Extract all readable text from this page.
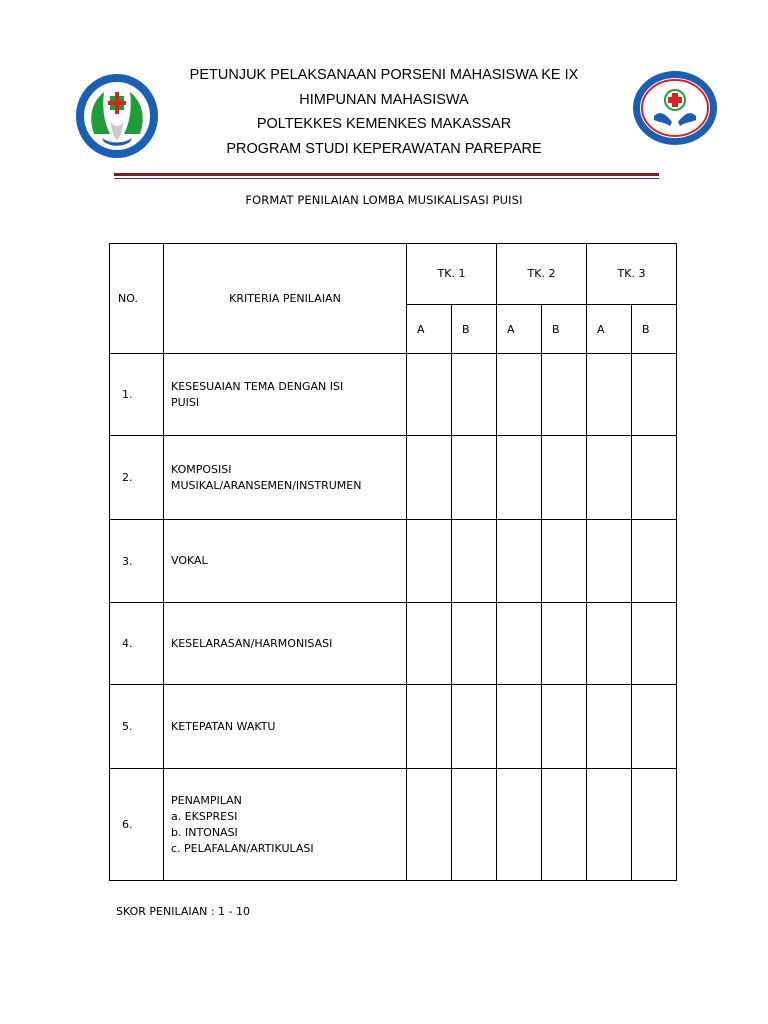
PETUNJUK PELAKSANAAN PORSENI MAHASISWA KE IX
HIMPUNAN MAHASISWA
POLTEKKES KEMENKES MAKASSAR
PROGRAM STUDI KEPERAWATAN PAREPARE
FORMAT PENILAIAN LOMBA MUSIKALISASI PUISI
NO.	KRITERIA PENILAIAN	TK. 1		TK. 2		TK. 3	
		A	B	A	B	A	B
1.	KESESUAIAN TEMA DENGAN ISI
PUISI						

2.	KOMPOSISI
MUSIKAL/ARANSEMEN/INSTRUMEN						

3.	VOKAL						

4.	KESELARASAN/HARMONISASI						

5.	KETEPATAN WAKTU						

6.	PENAMPILAN
a. EKSPRESI
b. INTONASI
c. PELAFALAN/ARTIKULASI						

SKOR PENILAIAN : 1 - 10
